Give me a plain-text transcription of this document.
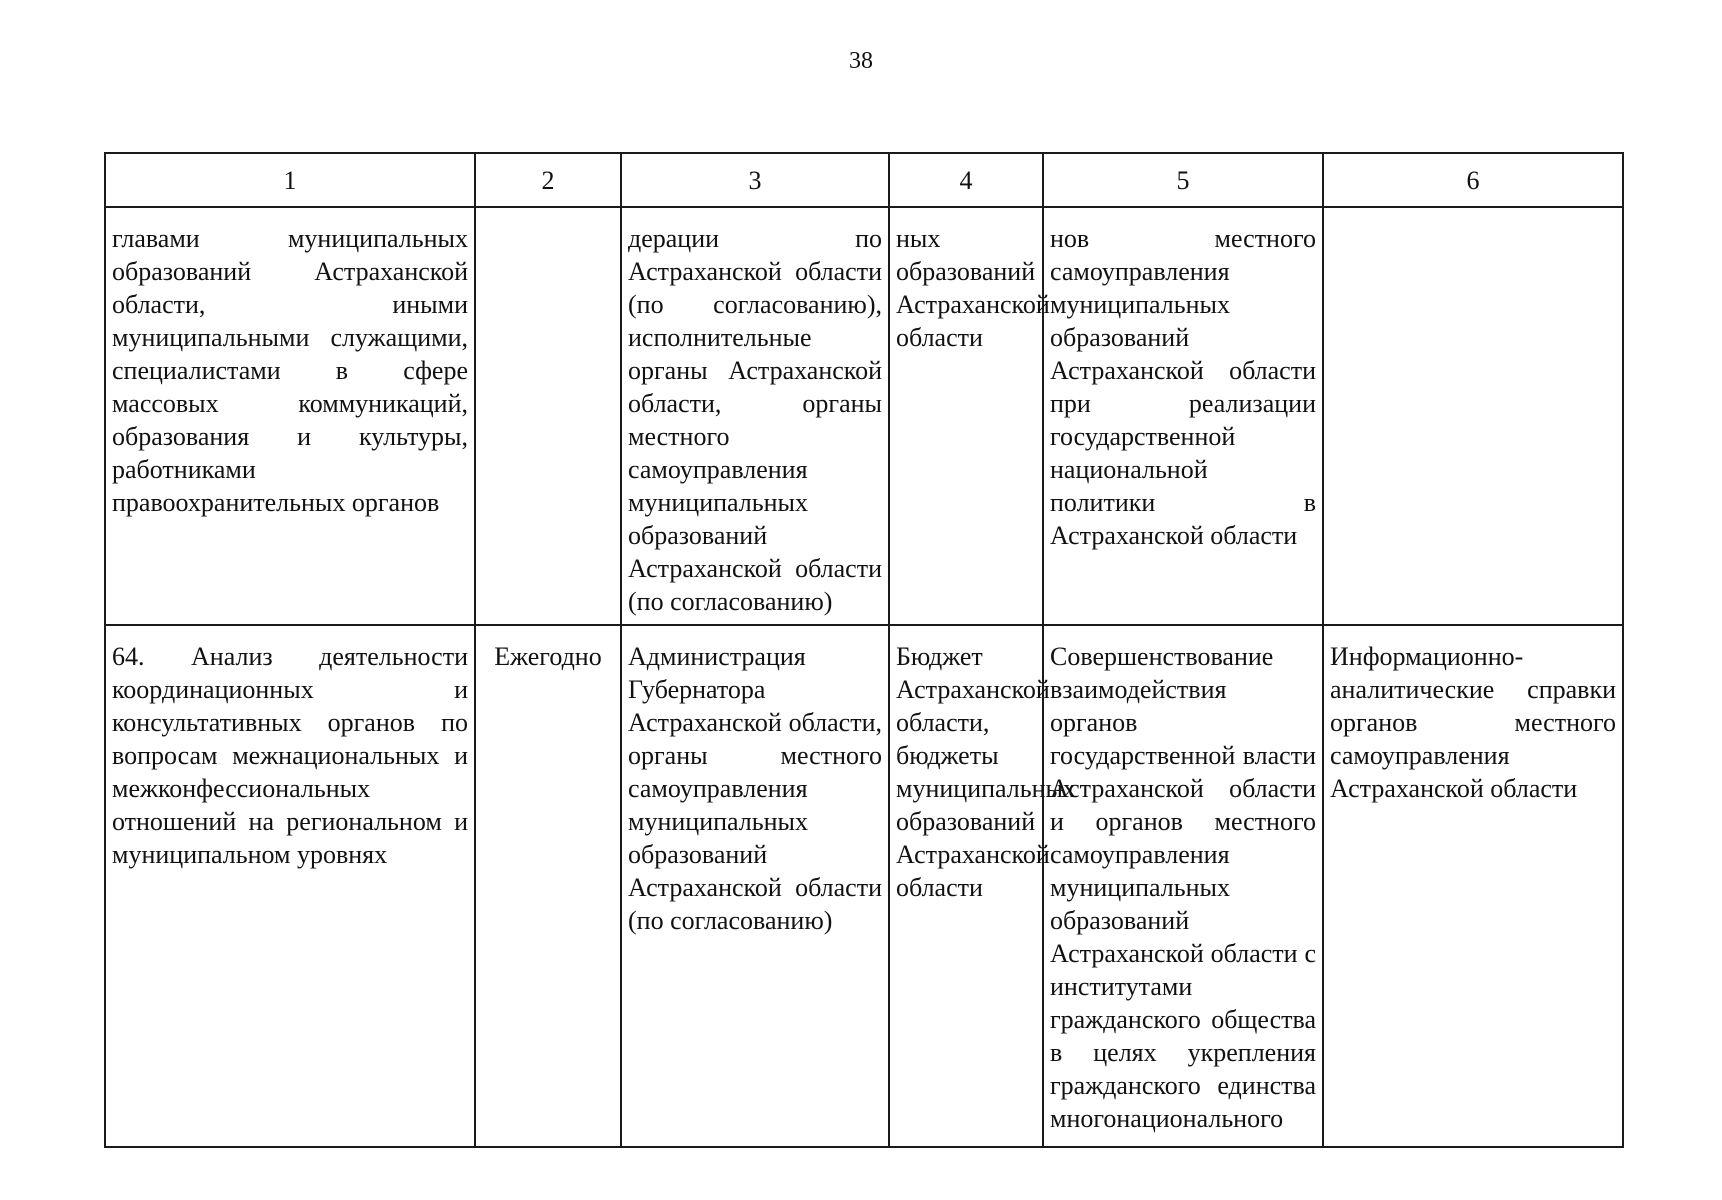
38
1	2	3	4	5	6
главами муниципальных образований Астраханской области, иными муниципальными служащими, специалистами в сфере массовых коммуникаций, образования и культуры, работниками правоохранительных органов		дерации по Астраханской области (по согласованию), исполнительные органы Астраханской области, органы местного самоуправления муниципальных образований Астраханской области (по согласованию)	ных образований Астраханской области	нов местного самоуправления муниципальных образований Астраханской области при реализации государственной национальной политики в Астраханской области	
64. Анализ деятельности координационных и консультативных органов по вопросам межнациональных и межконфессиональных отношений на региональном и муниципальном уровнях	Ежегодно	Администрация Губернатора Астраханской области, органы местного самоуправления муниципальных образований Астраханской области (по согласованию)	Бюджет Астраханской области, бюджеты муниципальных образований Астраханской области	Совершенствование взаимодействия органов государственной власти Астраханской области и органов местного самоуправления муниципальных образований Астраханской области с институтами гражданского общества в целях укрепления гражданского единства многонационального	Информационно-аналитические справки органов местного самоуправления Астраханской области
